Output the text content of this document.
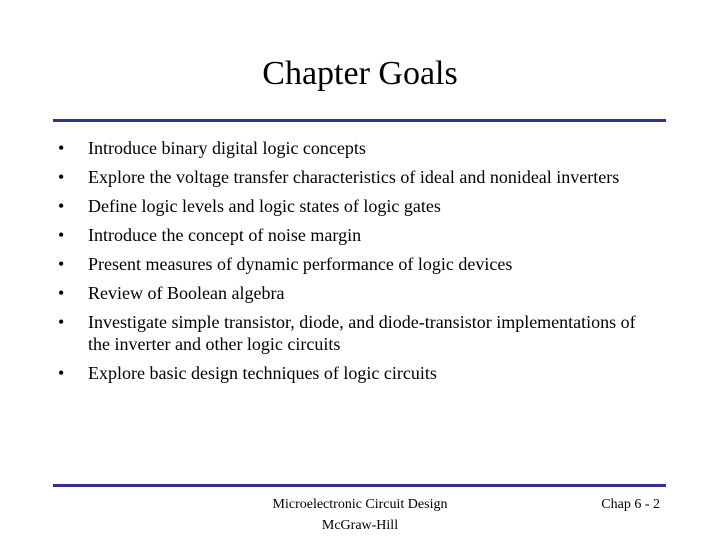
Chapter Goals
•	Introduce binary digital logic concepts
•	Explore the voltage transfer characteristics of ideal and nonideal inverters
•	Define logic levels and logic states of logic gates
•	Introduce the concept of noise margin
•	Present measures of dynamic performance of logic devices
•	Review of Boolean algebra
•	Investigate simple transistor, diode, and diode-transistor implementations of the inverter and other logic circuits
•	Explore basic design techniques of logic circuits
Microelectronic Circuit Design
McGraw-Hill
Chap 6 - 2
